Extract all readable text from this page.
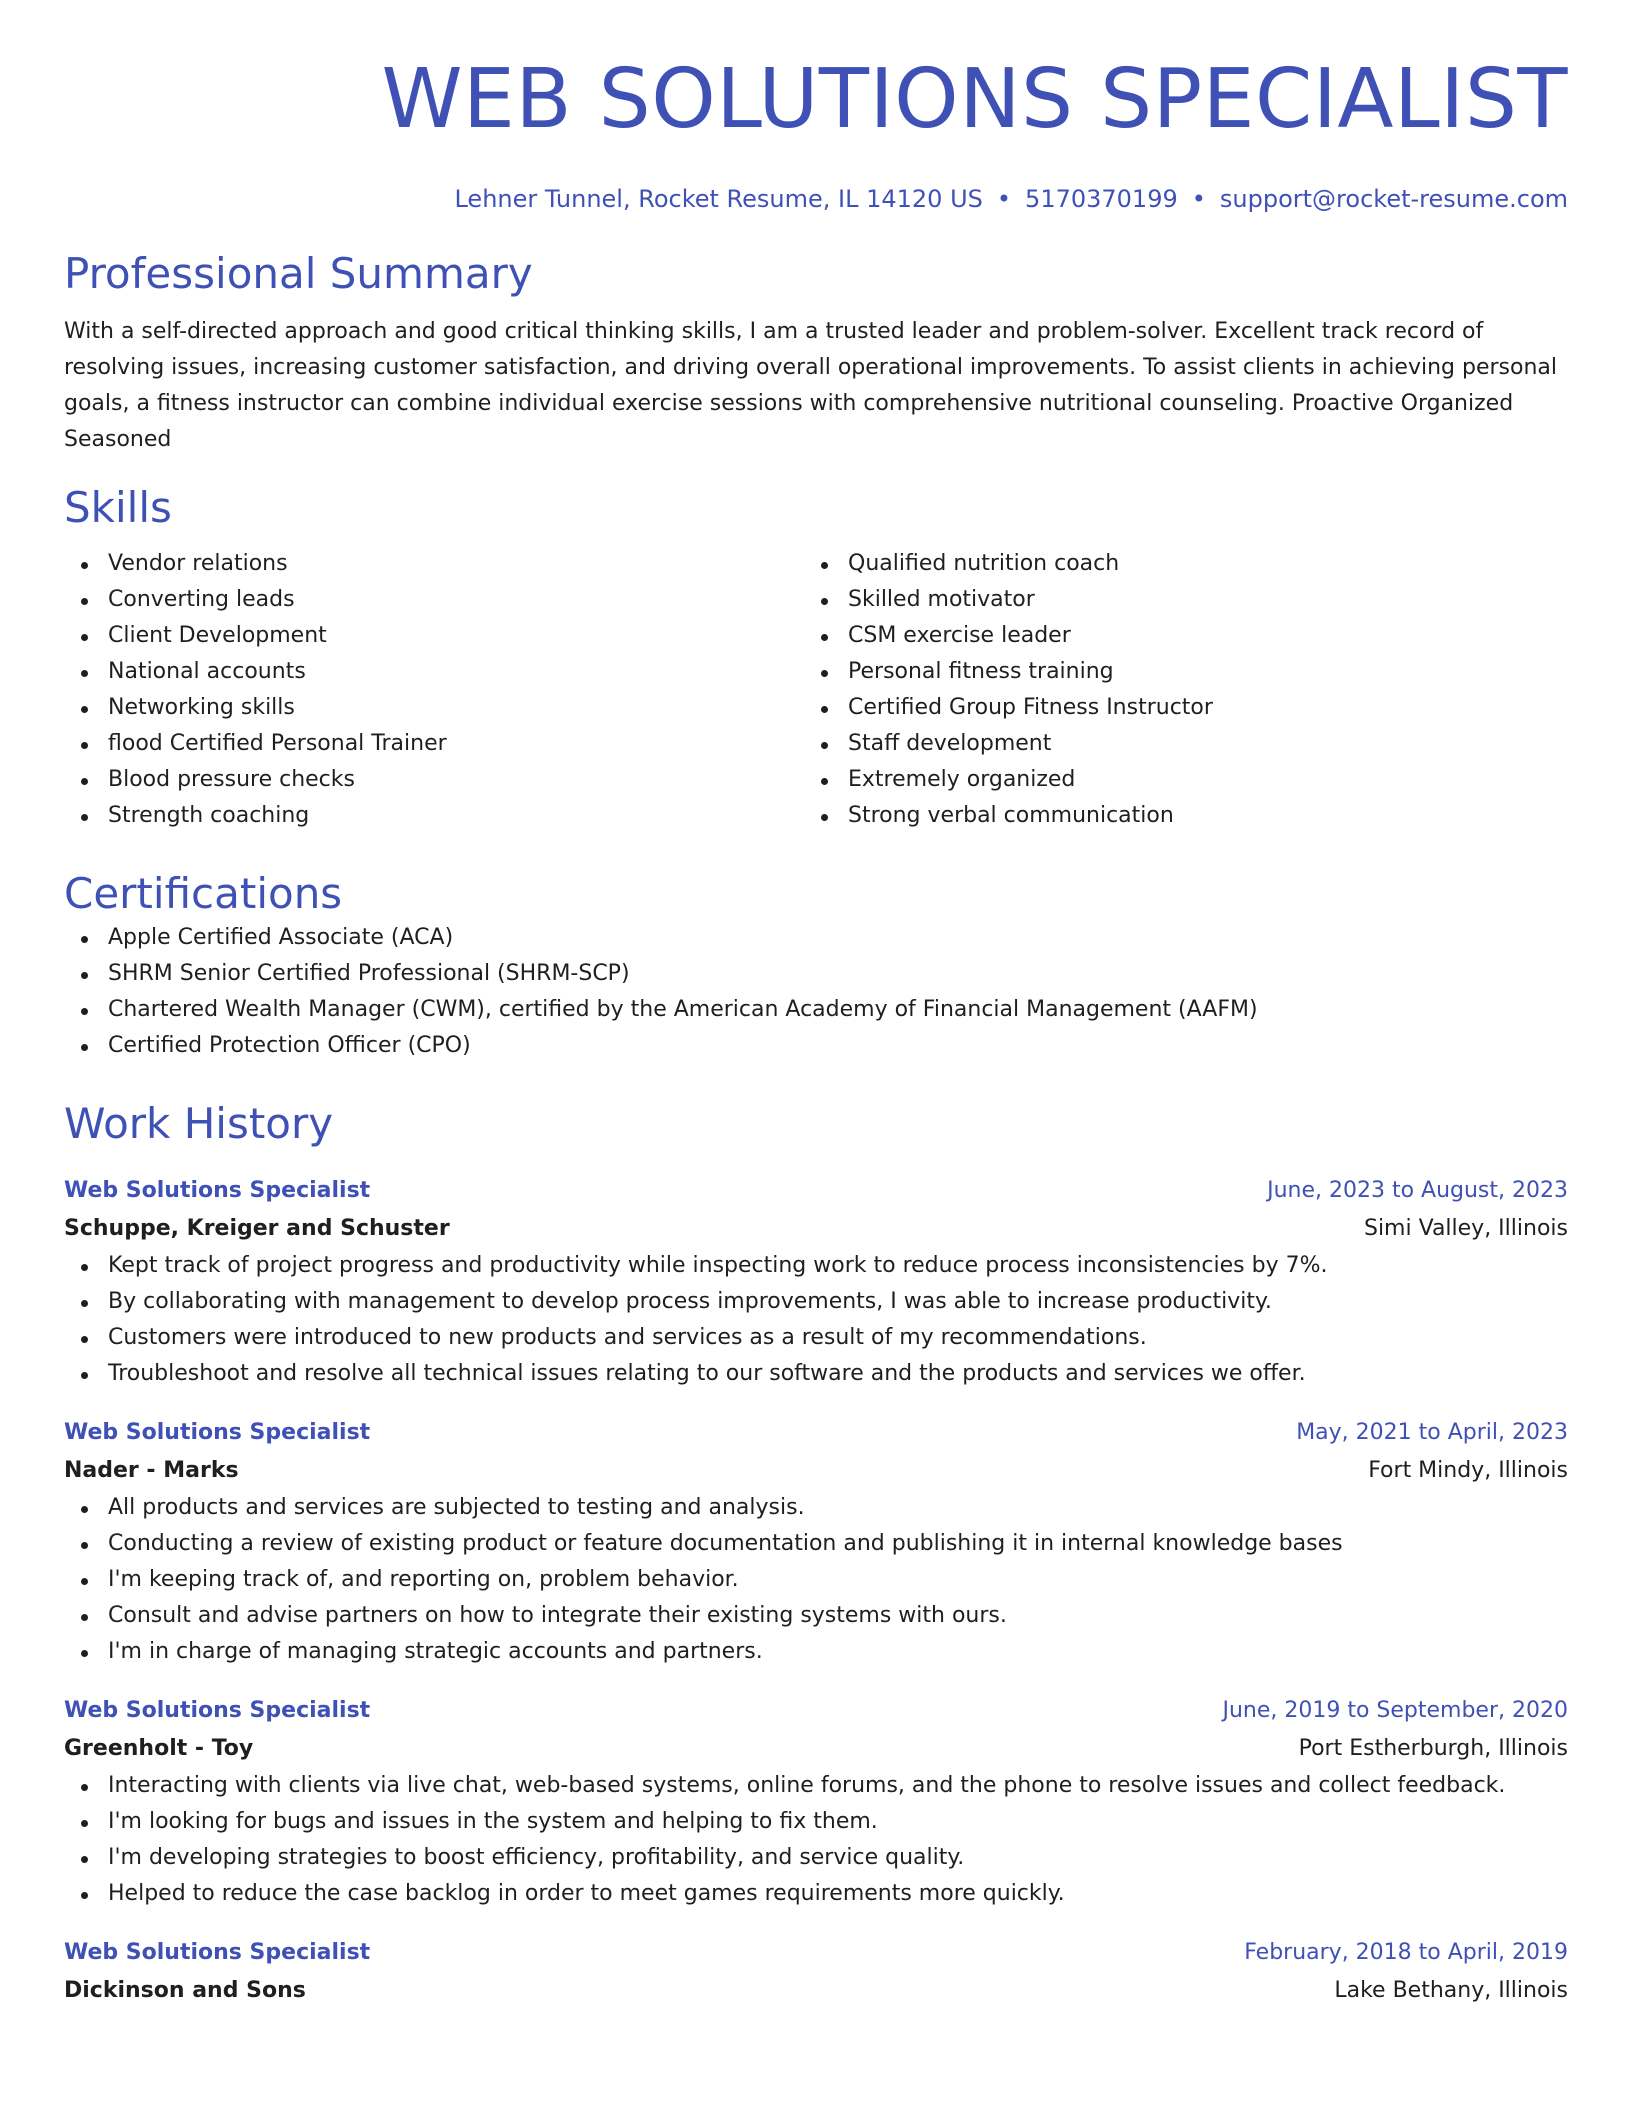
WEB SOLUTIONS SPECIALIST
Lehner Tunnel, Rocket Resume, IL 14120 US • 5170370199 • support@rocket-resume.com
Professional Summary
With a self-directed approach and good critical thinking skills, I am a trusted leader and problem-solver. Excellent track record of resolving issues, increasing customer satisfaction, and driving overall operational improvements. To assist clients in achieving personal goals, a fitness instructor can combine individual exercise sessions with comprehensive nutritional counseling. Proactive Organized Seasoned
Skills
Vendor relations
Converting leads
Client Development
National accounts
Networking skills
flood Certified Personal Trainer
Blood pressure checks
Strength coaching
Qualified nutrition coach
Skilled motivator
CSM exercise leader
Personal fitness training
Certified Group Fitness Instructor
Staff development
Extremely organized
Strong verbal communication
Certifications
Apple Certified Associate (ACA)
SHRM Senior Certified Professional (SHRM-SCP)
Chartered Wealth Manager (CWM), certified by the American Academy of Financial Management (AAFM)
Certified Protection Officer (CPO)
Work History
Web Solutions Specialist	June, 2023 to August, 2023
Schuppe, Kreiger and Schuster	Simi Valley, Illinois
Kept track of project progress and productivity while inspecting work to reduce process inconsistencies by 7%.
By collaborating with management to develop process improvements, I was able to increase productivity.
Customers were introduced to new products and services as a result of my recommendations.
Troubleshoot and resolve all technical issues relating to our software and the products and services we offer.
Web Solutions Specialist	May, 2021 to April, 2023
Nader - Marks	Fort Mindy, Illinois
All products and services are subjected to testing and analysis.
Conducting a review of existing product or feature documentation and publishing it in internal knowledge bases
I'm keeping track of, and reporting on, problem behavior.
Consult and advise partners on how to integrate their existing systems with ours.
I'm in charge of managing strategic accounts and partners.
Web Solutions Specialist	June, 2019 to September, 2020
Greenholt - Toy	Port Estherburgh, Illinois
Interacting with clients via live chat, web-based systems, online forums, and the phone to resolve issues and collect feedback.
I'm looking for bugs and issues in the system and helping to fix them.
I'm developing strategies to boost efficiency, profitability, and service quality.
Helped to reduce the case backlog in order to meet games requirements more quickly.
Web Solutions Specialist	February, 2018 to April, 2019
Dickinson and Sons	Lake Bethany, Illinois
